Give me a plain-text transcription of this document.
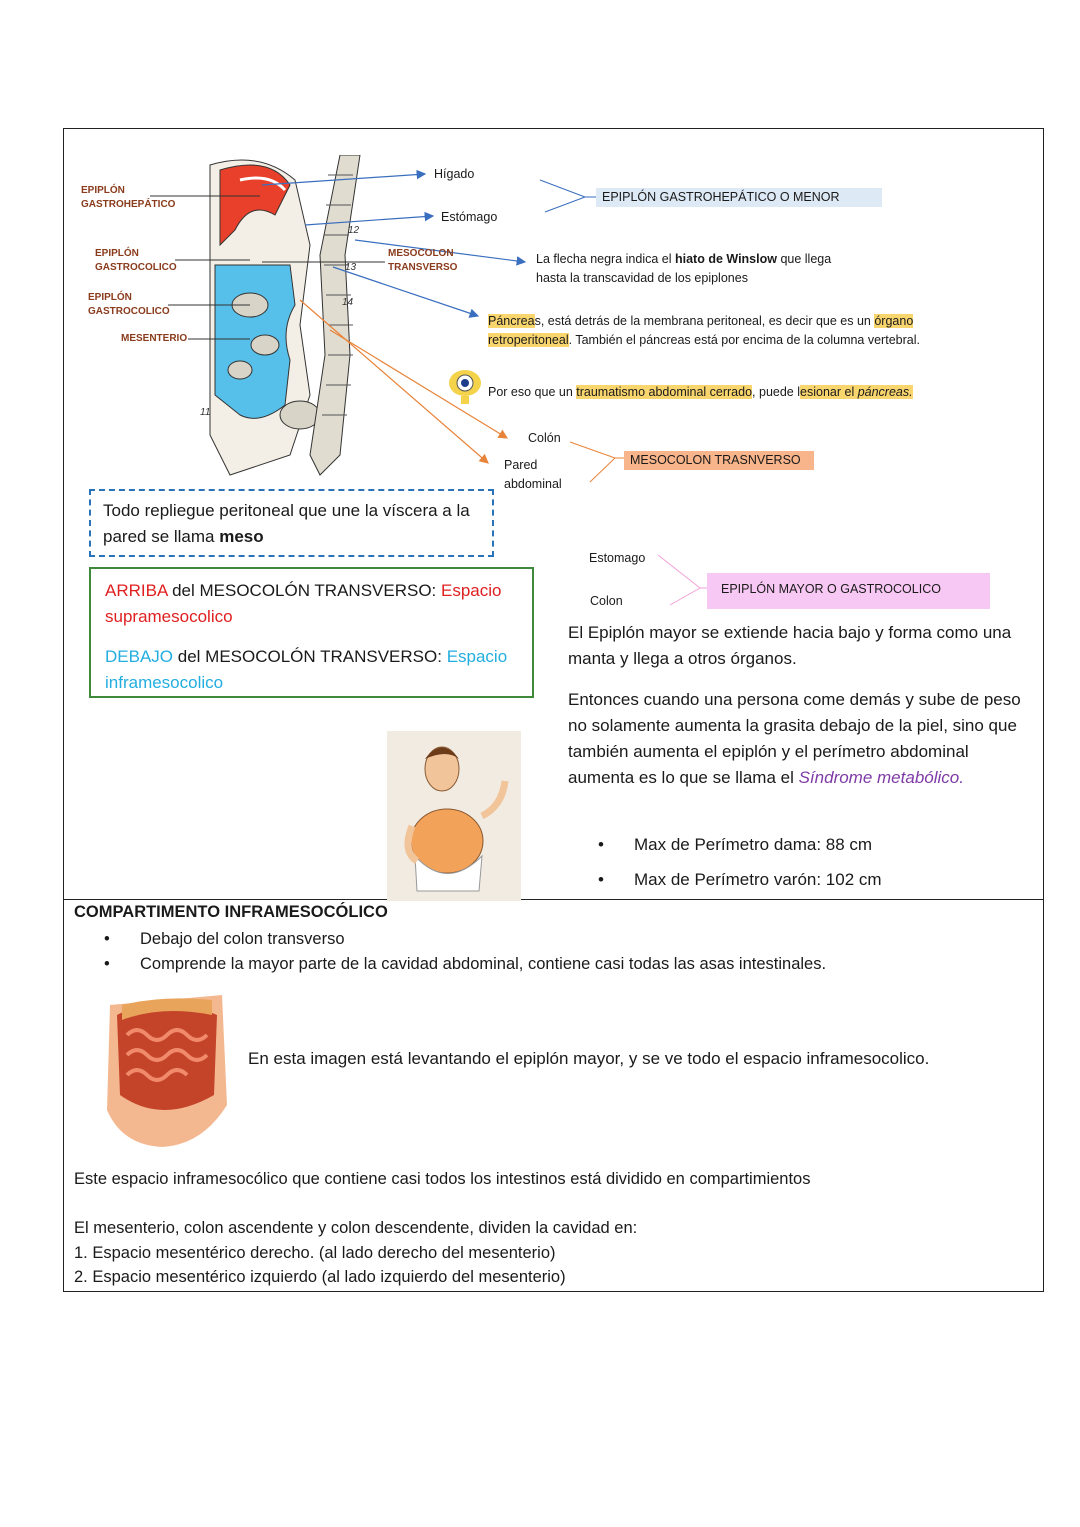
12
13
14
11
EPIPLÓN GASTROHEPÁTICO
EPIPLÓN GASTROCOLICO
EPIPLÓN GASTROCOLICO
MESENTERIO
MESOCOLON TRANSVERSO
Hígado
Estómago
EPIPLÓN GASTROHEPÁTICO O MENOR
La flecha negra indica el hiato de Winslow que llega hasta la transcavidad de los epiplones
Páncreas, está detrás de la membrana peritoneal, es decir que es un órgano retroperitoneal. También el páncreas está por encima de la columna vertebral.
Por eso que un traumatismo abdominal cerrado, puede lesionar el páncreas.
Colón
Pared abdominal
MESOCOLON TRASNVERSO
Todo repliegue peritoneal que une la víscera a la pared se llama meso
Estomago
Colon
EPIPLÓN MAYOR O GASTROCOLICO
ARRIBA del MESOCOLÓN TRANSVERSO: Espacio supramesocolico
DEBAJO del MESOCOLÓN TRANSVERSO: Espacio inframesocolico
El Epiplón mayor se extiende hacia bajo y forma como una manta y llega a otros órganos.
Entonces cuando una persona come demás y sube de peso no solamente aumenta la grasita debajo de la piel, sino que también aumenta el epiplón y el perímetro abdominal aumenta es lo que se llama el Síndrome metabólico.
• Max de Perímetro dama: 88 cm
• Max de Perímetro varón: 102 cm
COMPARTIMENTO INFRAMESOCÓLICO
• Debajo del colon transverso
• Comprende la mayor parte de la cavidad abdominal, contiene casi todas las asas intestinales.
En esta imagen está levantando el epiplón mayor, y se ve todo el espacio inframesocolico.
Este espacio inframesocólico que contiene casi todos los intestinos está dividido en compartimientos
El mesenterio, colon ascendente y colon descendente, dividen la cavidad en:
1. Espacio mesentérico derecho. (al lado derecho del mesenterio)
2. Espacio mesentérico izquierdo (al lado izquierdo del mesenterio)
